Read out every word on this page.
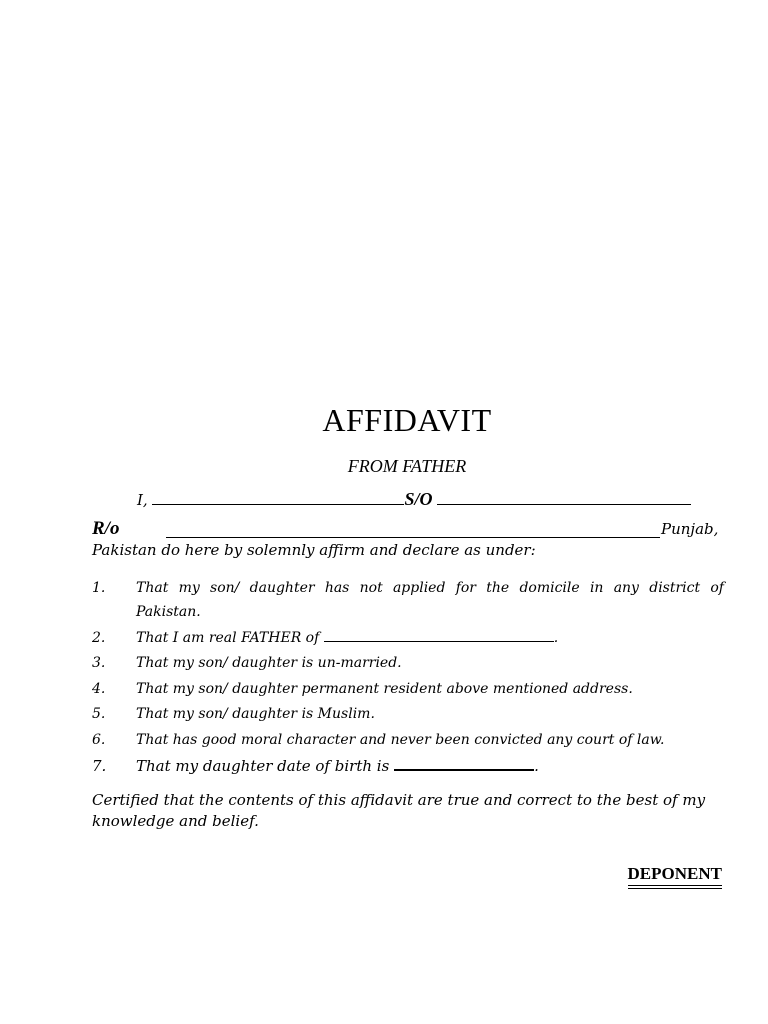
AFFIDAVIT
FROM FATHER
I,	S/O
R/o	Punjab,
Pakistan do here by solemnly affirm and declare as under:
1. That my son/ daughter has not applied for the domicile in any district of
Pakistan.
2. That I am real FATHER of	.
3. That my son/ daughter is un-married.
4. That my son/ daughter permanent resident above mentioned address.
5. That my son/ daughter is Muslim.
6. That has good moral character and never been convicted any court of law.
7. That my daughter date of birth is	.
Certified that the contents of this affidavit are true and correct to the best of my knowledge and belief.
DEPONENT
